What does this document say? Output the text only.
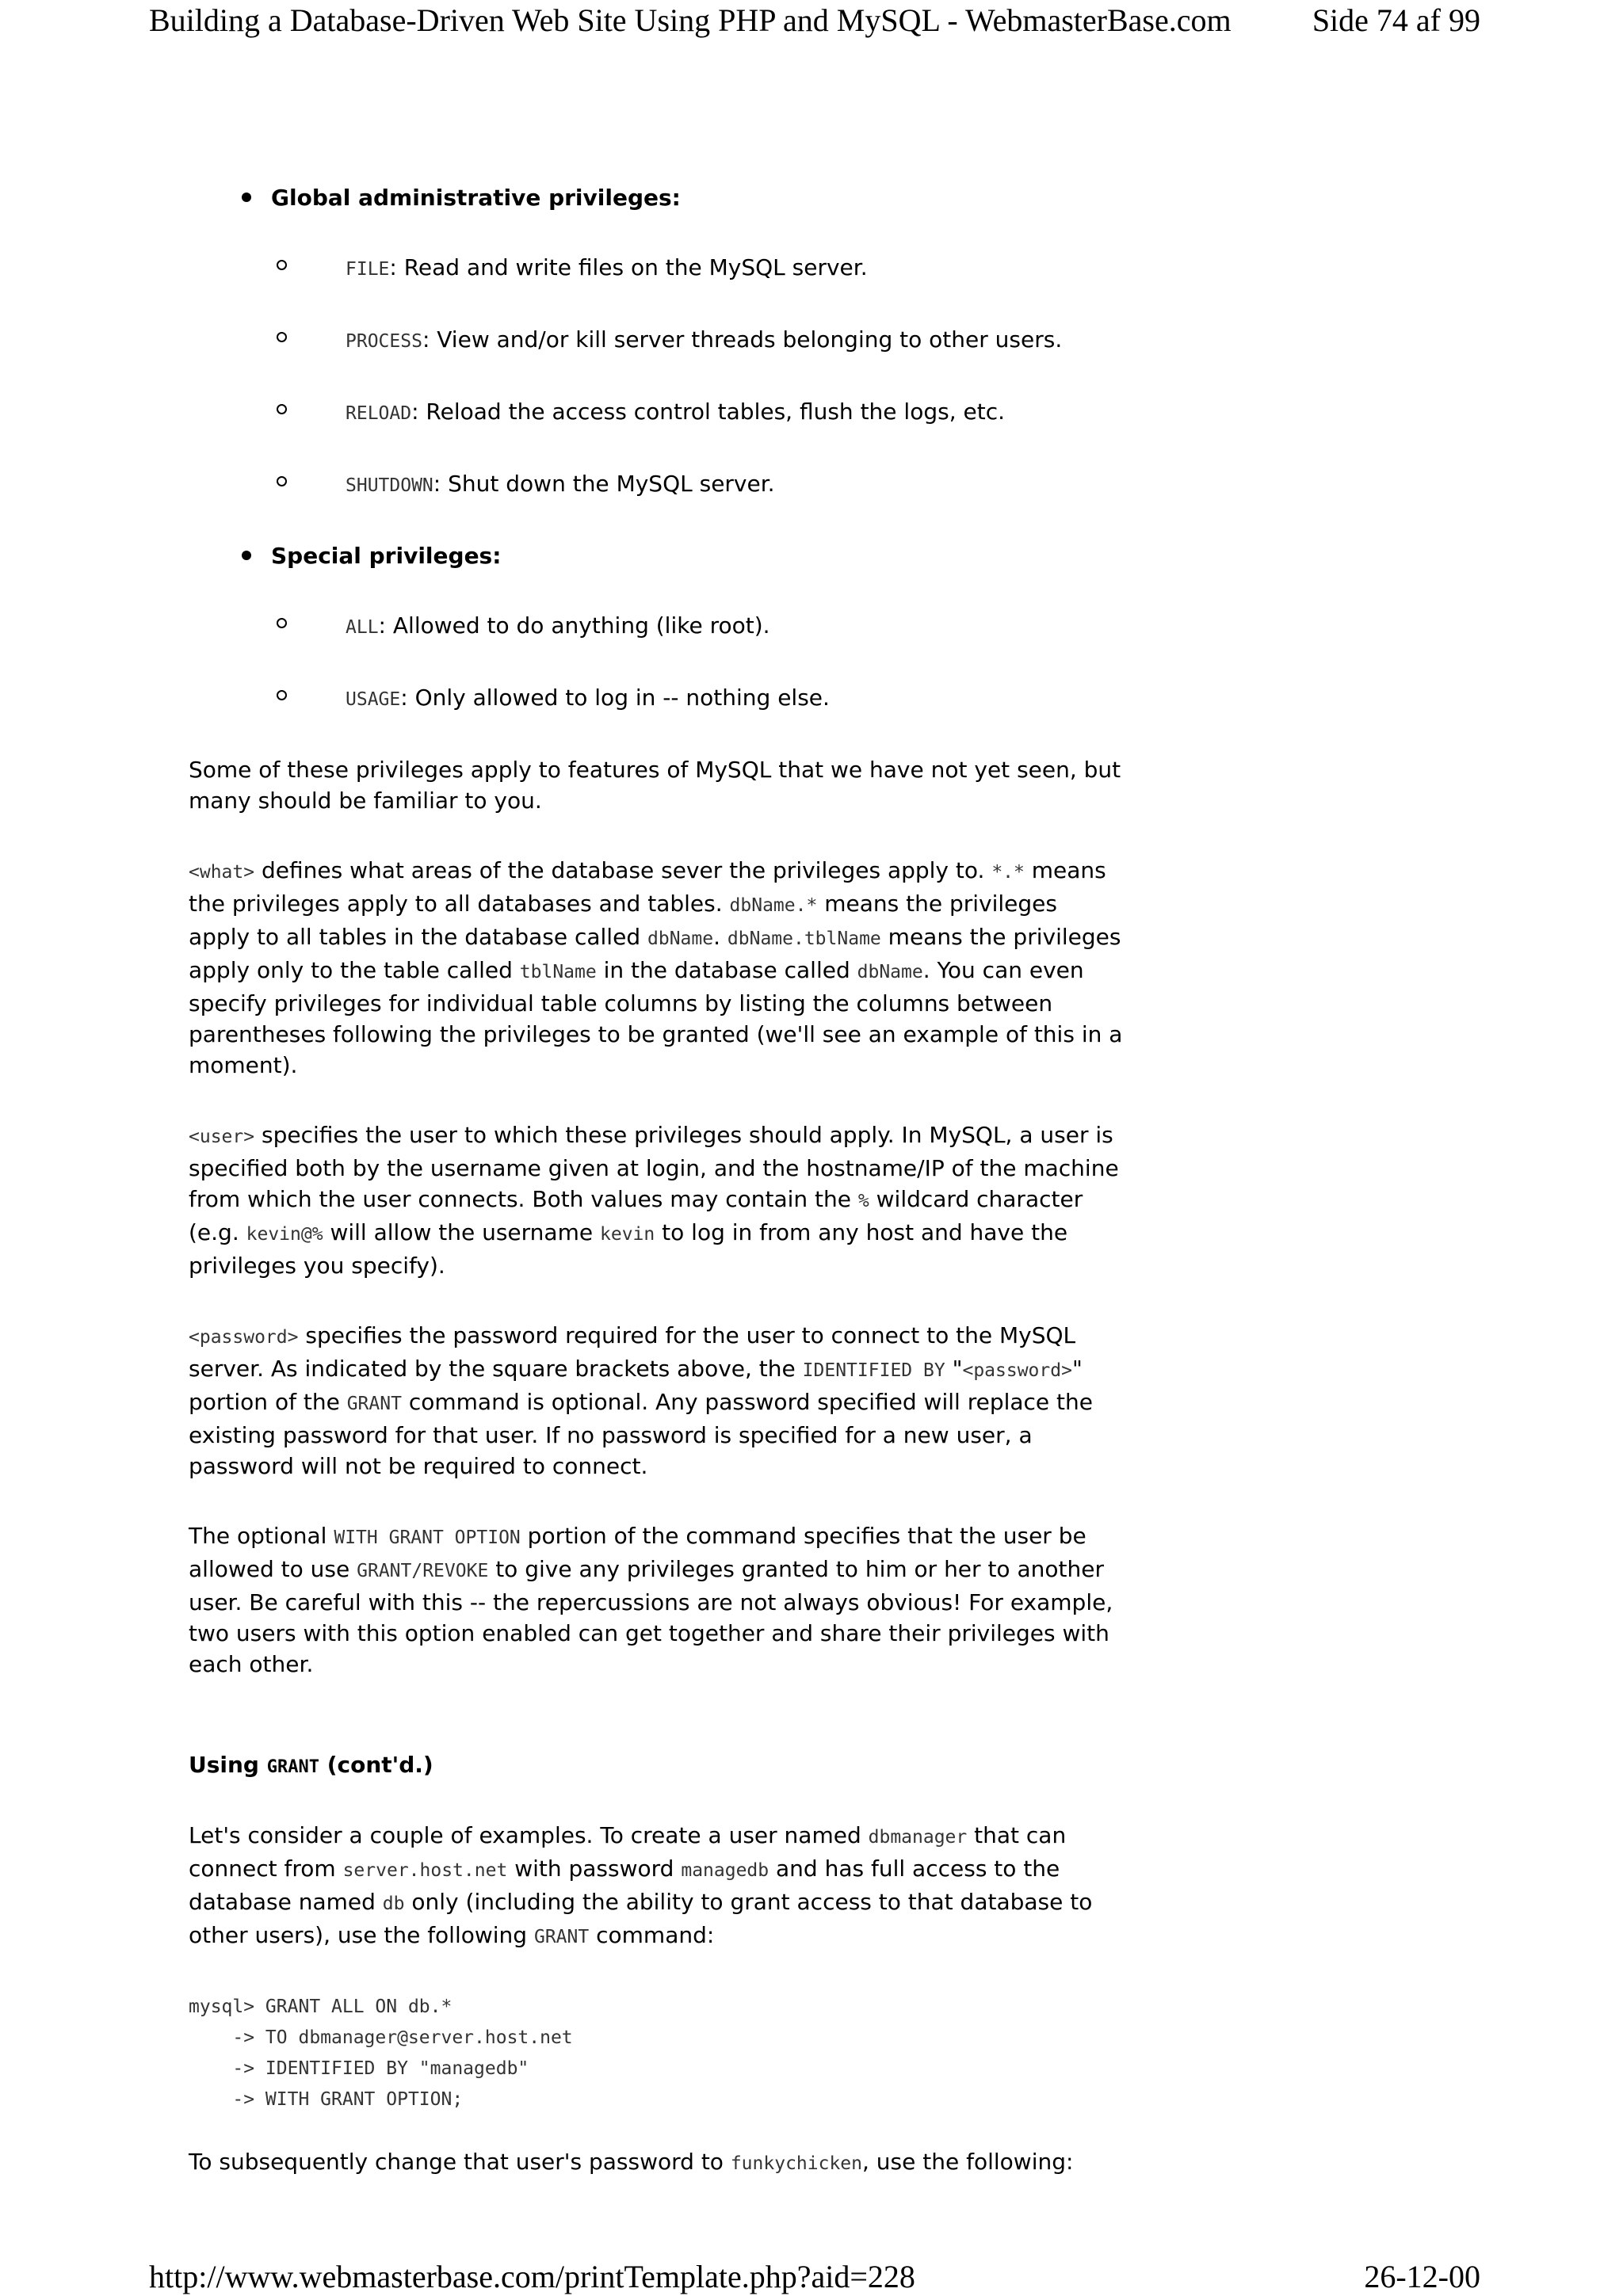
Building a Database-Driven Web Site Using PHP and MySQL - WebmasterBase.com	Side 74 af 99
Global administrative privileges:
FILE: Read and write files on the MySQL server.
PROCESS: View and/or kill server threads belonging to other users.
RELOAD: Reload the access control tables, flush the logs, etc.
SHUTDOWN: Shut down the MySQL server.
Special privileges:
ALL: Allowed to do anything (like root).
USAGE: Only allowed to log in -- nothing else.

Some of these privileges apply to features of MySQL that we have not yet seen, but many should be familiar to you.

<what> defines what areas of the database sever the privileges apply to. *.* means the privileges apply to all databases and tables. dbName.* means the privileges apply to all tables in the database called dbName. dbName.tblName means the privileges apply only to the table called tblName in the database called dbName. You can even specify privileges for individual table columns by listing the columns between parentheses following the privileges to be granted (we'll see an example of this in a moment).

<user> specifies the user to which these privileges should apply. In MySQL, a user is specified both by the username given at login, and the hostname/IP of the machine from which the user connects. Both values may contain the % wildcard character (e.g. kevin@% will allow the username kevin to log in from any host and have the privileges you specify).

<password> specifies the password required for the user to connect to the MySQL server. As indicated by the square brackets above, the IDENTIFIED BY "<password>" portion of the GRANT command is optional. Any password specified will replace the existing password for that user. If no password is specified for a new user, a password will not be required to connect.

The optional WITH GRANT OPTION portion of the command specifies that the user be allowed to use GRANT/REVOKE to give any privileges granted to him or her to another user. Be careful with this -- the repercussions are not always obvious! For example, two users with this option enabled can get together and share their privileges with each other.

Using GRANT (cont'd.)

Let's consider a couple of examples. To create a user named dbmanager that can connect from server.host.net with password managedb and has full access to the database named db only (including the ability to grant access to that database to other users), use the following GRANT command:

mysql> GRANT ALL ON db.*
-> TO dbmanager@server.host.net
-> IDENTIFIED BY "managedb"
-> WITH GRANT OPTION;

To subsequently change that user's password to funkychicken, use the following:

http://www.webmasterbase.com/printTemplate.php?aid=228	26-12-00
